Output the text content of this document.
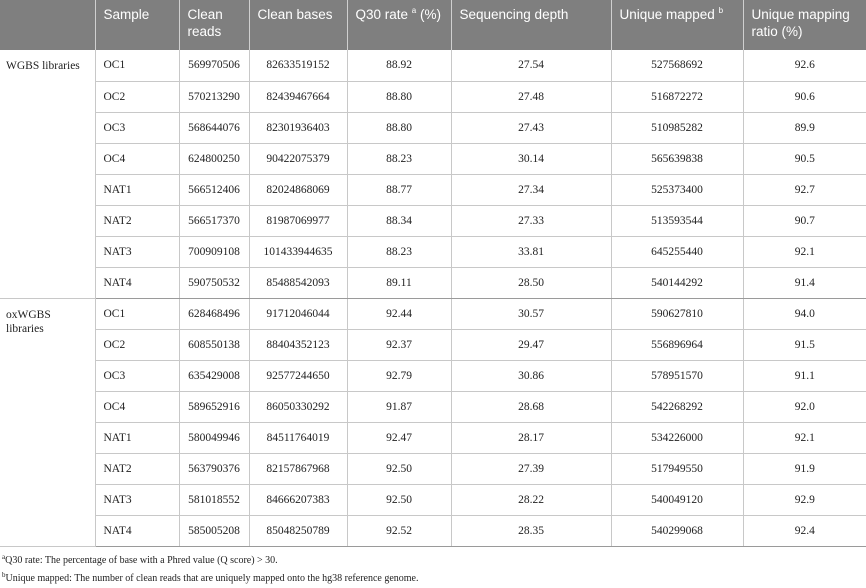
	Sample	Clean reads	Clean bases	Q30 rate $^a$ (%)	Sequencing depth	Unique mapped $^b$	Unique mapping ratio (%)
WGBS libraries	OC1	569970506	82633519152	88.92	27.54	527568692	92.6
	OC2	570213290	82439467664	88.80	27.48	516872272	90.6
	OC3	568644076	82301936403	88.80	27.43	510985282	89.9
	OC4	624800250	90422075379	88.23	30.14	565639838	90.5
	NAT1	566512406	82024868069	88.77	27.34	525373400	92.7
	NAT2	566517370	81987069977	88.34	27.33	513593544	90.7
	NAT3	700909108	101433944635	88.23	33.81	645255440	92.1
	NAT4	590750532	85488542093	89.11	28.50	540144292	91.4
oxWGBS libraries	OC1	628468496	91712046044	92.44	30.57	590627810	94.0
	OC2	608550138	88404352123	92.37	29.47	556896964	91.5
	OC3	635429008	92577244650	92.79	30.86	578951570	91.1
	OC4	589652916	86050330292	91.87	28.68	542268292	92.0
	NAT1	580049946	84511764019	92.47	28.17	534226000	92.1
	NAT2	563790376	82157867968	92.50	27.39	517949550	91.9
	NAT3	581018552	84666207383	92.50	28.22	540049120	92.9
	NAT4	585005208	85048250789	92.52	28.35	540299068	92.4
$^a$Q30 rate: The percentage of base with a Phred value (Q score) > 30.
$^b$Unique mapped: The number of clean reads that are uniquely mapped onto the hg38 reference genome.
